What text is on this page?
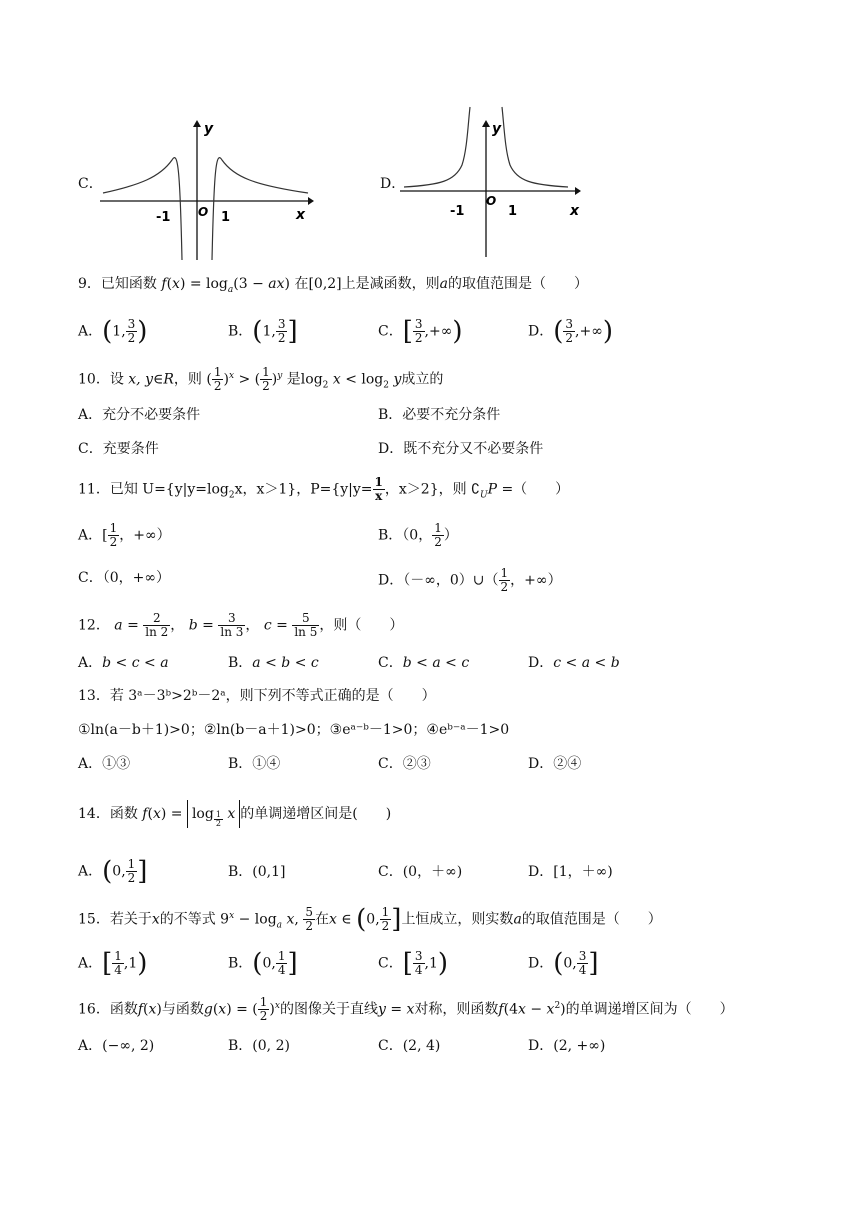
C．
y
x
O
-1	1
D．
y
x
O
-1	1
9．已知函数 $f(x) = \log_a(3 - ax)$ 在[0,2]上是减函数，则a的取值范围是（　　）
A．(1, $\frac{3}{2}$ )	B．(1, $\frac{3}{2}$ ]	C．[ $\frac{3}{2}$ ,+∞)	D．( $\frac{3}{2}$ ,+∞)
10．设 x, y∈R，则 ( $\frac{1}{2} )^x$ > ( $\frac{1}{2} )^y$ 是$\log_2 x < \log_2 y$成立的
A．充分不必要条件	B．必要不充分条件
C．充要条件	D．既不充分又不必要条件
11．已知 $U=\{y|y=\log_2x$，x＞1}，$P=\{y|y= \frac{1}{x}$ ，x＞2}，则 $∁_UP$ =（　　）
A．[ $\frac{1}{2}$ ，+∞）	B．（0， $\frac{1}{2}$ ）
C．（0，+∞）	D．（－∞，0）∪（ $\frac{1}{2}$ ，+∞）
12． $a = \frac{2}{\ln 2}$ ， $b = \frac{3}{\ln 3}$ ， $c = \frac{5}{\ln 5}$ ，则（　　）
A．b < c < a	B．a < b < c	C．b < a < c	D．c < a < b
13．若 3ᵃ－3ᵇ>2ᵇ－2ᵃ，则下列不等式正确的是（　　）
①ln(a－b＋1)>0；②ln(b－a＋1)>0；③eᵃ⁻ᵇ－1>0；④eᵇ⁻ᵃ－1>0
A．①③	B．①④	C．②③	D．②④
14．函数 f(x) = log $_{\frac{1}{2}}$ x 的单调递增区间是(　　)
A．(0, $\frac{1}{2}$ ]	B．(0,1]	C．(0，＋∞)	D．[1，＋∞)
15．若关于x的不等式 $9^x - \log_a x$, $\frac{5}{2}$ 在x ∈ (0, $\frac{1}{2}$ ]上恒成立，则实数a的取值范围是（　　）
A．[ $\frac{1}{4} ,1$)	B．(0, $\frac{1}{4}$ ]	C．[ $\frac{3}{4} ,1$)	D．(0, $\frac{3}{4}$ ]
16．函数f(x)与函数g(x) = ( $\frac{1}{2} )^x$的图像关于直线y = x对称，则函数$f(4x - x^2)$的单调递增区间为（　　）
A．(−∞, 2)	B．(0, 2)	C．(2, 4)	D．(2, +∞)
